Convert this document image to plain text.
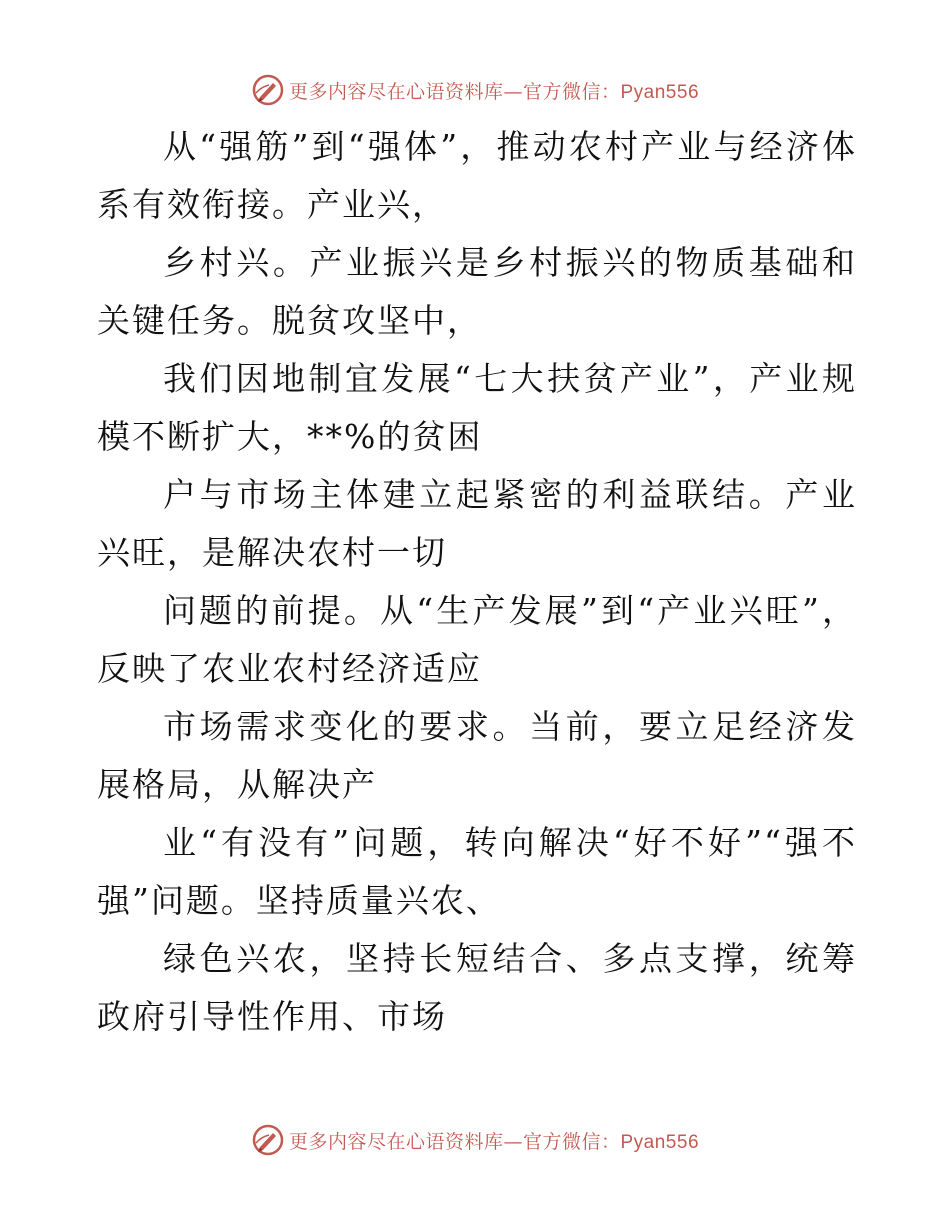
更多内容尽在心语资料库—官方微信：Pyan556

从“强筋”到“强体”，推动农村产业与经济体系有效衔接。产业兴，

乡村兴。产业振兴是乡村振兴的物质基础和关键任务。脱贫攻坚中，

我们因地制宜发展“七大扶贫产业”，产业规模不断扩大，**%的贫困

户与市场主体建立起紧密的利益联结。产业兴旺，是解决农村一切

问题的前提。从“生产发展”到“产业兴旺”，反映了农业农村经济适应

市场需求变化的要求。当前，要立足经济发展格局，从解决产

业“有没有”问题，转向解决“好不好”“强不强”问题。坚持质量兴农、

绿色兴农，坚持长短结合、多点支撑，统筹政府引导性作用、市场

更多内容尽在心语资料库—官方微信：Pyan556
